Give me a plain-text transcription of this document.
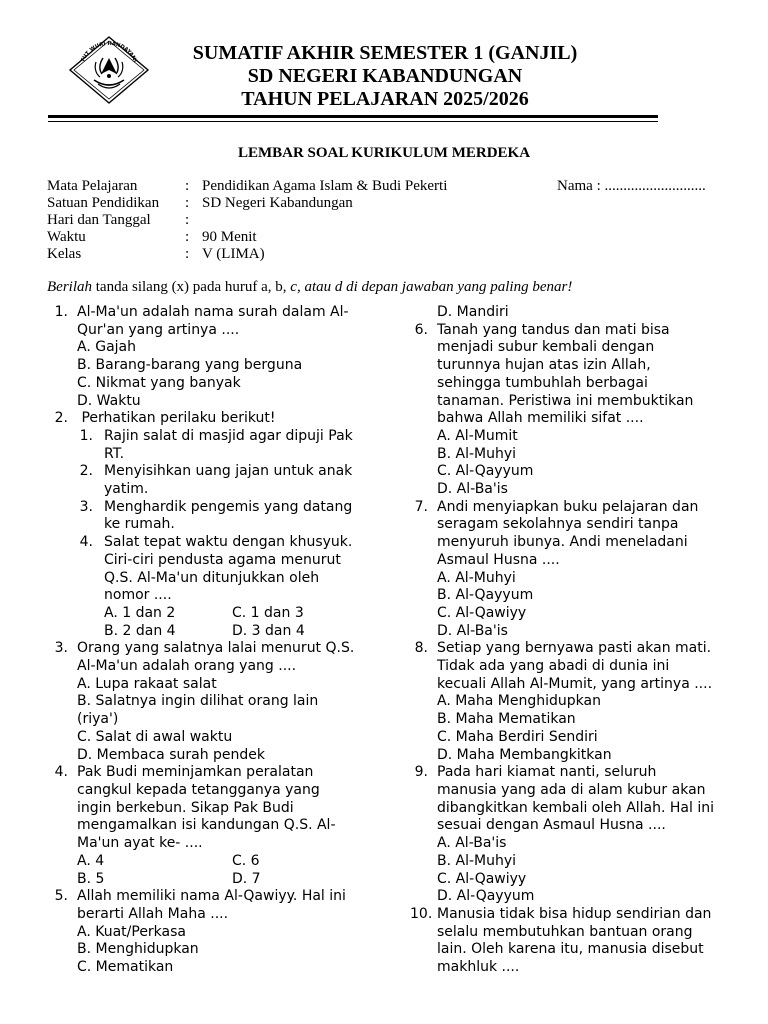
TUT WURI HANDAYANI	SUMATIF AKHIR SEMESTER 1 (GANJIL)
SD NEGERI KABANDUNGAN
TAHUN PELAJARAN 2025/2026
LEMBAR SOAL KURIKULUM MERDEKA
Mata Pelajaran	: Pendidikan Agama Islam & Budi Pekerti
Satuan Pendidikan : SD Negeri Kabandungan
Hari dan Tanggal :
Waktu	: 90 Menit
Kelas	: V (LIMA)
Nama : ...........................
Berilah tanda silang (x) pada huruf a, b, c, atau d di depan jawaban yang paling benar!
1. Al-Ma'un adalah nama surah dalam Al-
Qur'an yang artinya ....
A. Gajah
B. Barang-barang yang berguna
C. Nikmat yang banyak
D. Waktu
2. Perhatikan perilaku berikut!
1. Rajin salat di masjid agar dipuji Pak
RT.
2. Menyisihkan uang jajan untuk anak
yatim.
3. Menghardik pengemis yang datang
ke rumah.
4. Salat tepat waktu dengan khusyuk.
Ciri-ciri pendusta agama menurut
Q.S. Al-Ma'un ditunjukkan oleh
nomor ....
A. 1 dan 2	C. 1 dan 3
B. 2 dan 4	D. 3 dan 4
3. Orang yang salatnya lalai menurut Q.S.
Al-Ma'un adalah orang yang ....
A. Lupa rakaat salat
B. Salatnya ingin dilihat orang lain
(riya')
C. Salat di awal waktu
D. Membaca surah pendek
4. Pak Budi meminjamkan peralatan
cangkul kepada tetangganya yang
ingin berkebun. Sikap Pak Budi
mengamalkan isi kandungan Q.S. Al-
Ma'un ayat ke- ....
A. 4	C. 6
B. 5	D. 7
5. Allah memiliki nama Al-Qawiyy. Hal ini
berarti Allah Maha ....
A. Kuat/Perkasa
B. Menghidupkan
C. Mematikan
D. Mandiri
6. Tanah yang tandus dan mati bisa
menjadi subur kembali dengan
turunnya hujan atas izin Allah,
sehingga tumbuhlah berbagai
tanaman. Peristiwa ini membuktikan
bahwa Allah memiliki sifat ....
A. Al-Mumit
B. Al-Muhyi
C. Al-Qayyum
D. Al-Ba'is
7. Andi menyiapkan buku pelajaran dan
seragam sekolahnya sendiri tanpa
menyuruh ibunya. Andi meneladani
Asmaul Husna ....
A. Al-Muhyi
B. Al-Qayyum
C. Al-Qawiyy
D. Al-Ba'is
8. Setiap yang bernyawa pasti akan mati.
Tidak ada yang abadi di dunia ini
kecuali Allah Al-Mumit, yang artinya ....
A. Maha Menghidupkan
B. Maha Mematikan
C. Maha Berdiri Sendiri
D. Maha Membangkitkan
9. Pada hari kiamat nanti, seluruh
manusia yang ada di alam kubur akan
dibangkitkan kembali oleh Allah. Hal ini
sesuai dengan Asmaul Husna ....
A. Al-Ba'is
B. Al-Muhyi
C. Al-Qawiyy
D. Al-Qayyum
10. Manusia tidak bisa hidup sendirian dan
selalu membutuhkan bantuan orang
lain. Oleh karena itu, manusia disebut
makhluk ....
